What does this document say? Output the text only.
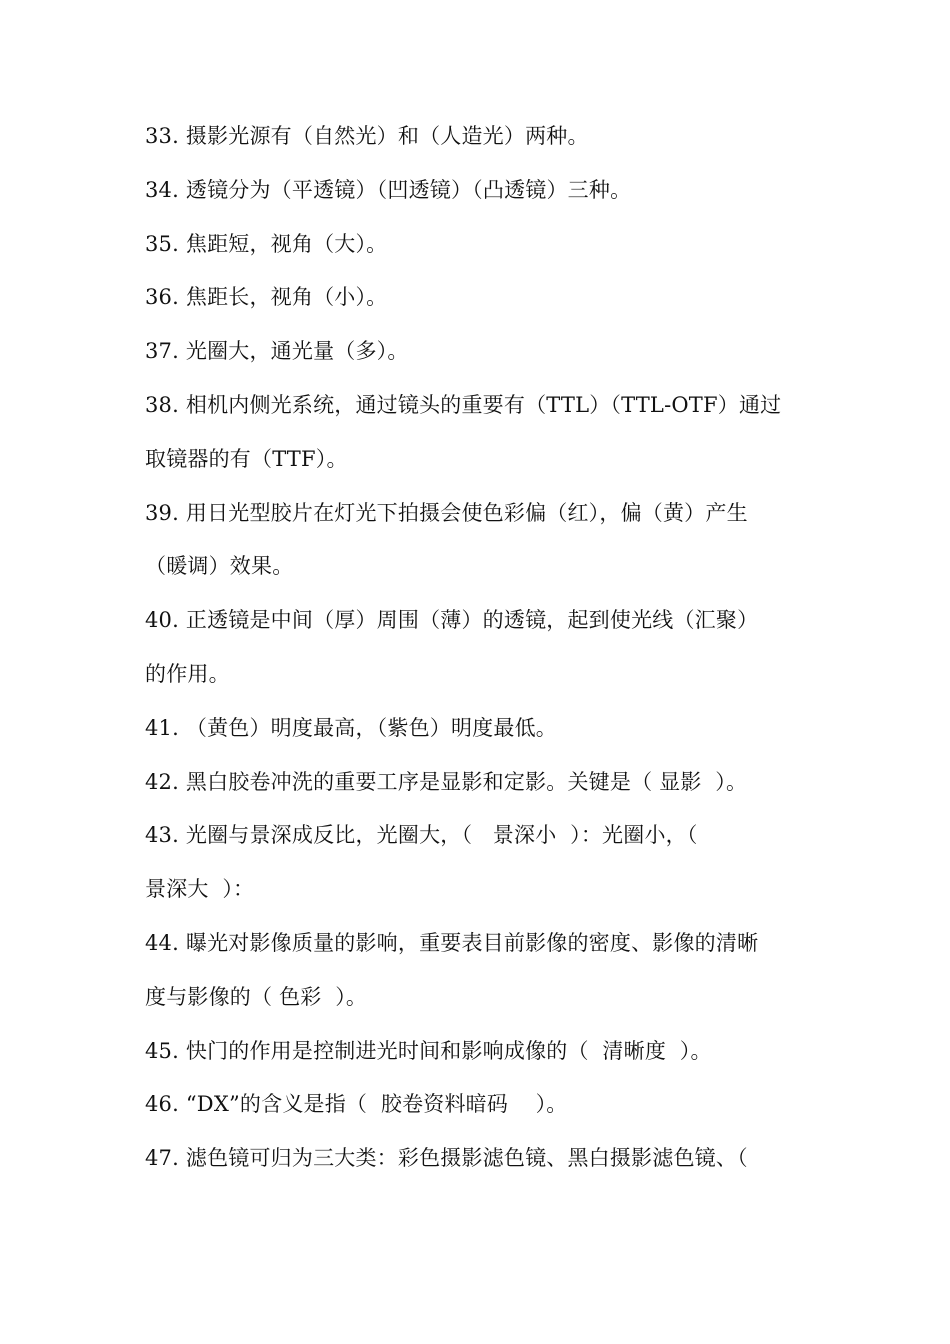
33. 摄影光源有（自然光）和（人造光）两种。
34. 透镜分为（平透镜）（凹透镜）（凸透镜）三种。
35. 焦距短，视角（大）。
36. 焦距长，视角（小）。
37. 光圈大，通光量（多）。
38. 相机内侧光系统，通过镜头的重要有（TTL）（TTL-OTF）通过
取镜器的有（TTF）。
39. 用日光型胶片在灯光下拍摄会使色彩偏（红），偏（黄）产生
（暖调）效果。
40. 正透镜是中间（厚）周围（薄）的透镜，起到使光线（汇聚）
的作用。
41. （黄色）明度最高，（紫色）明度最低。
42. 黑白胶卷冲洗的重要工序是显影和定影。关键是（ 显影  ）。
43. 光圈与景深成反比，光圈大，（   景深小  ）：光圈小，（
景深大  ）：
44. 曝光对影像质量的影响，重要表目前影像的密度、影像的清晰
度与影像的（ 色彩  ）。
45. 快门的作用是控制进光时间和影响成像的（  清晰度  ）。
46. “DX”的含义是指（  胶卷资料暗码    ）。
47. 滤色镜可归为三大类：彩色摄影滤色镜、黑白摄影滤色镜、（
